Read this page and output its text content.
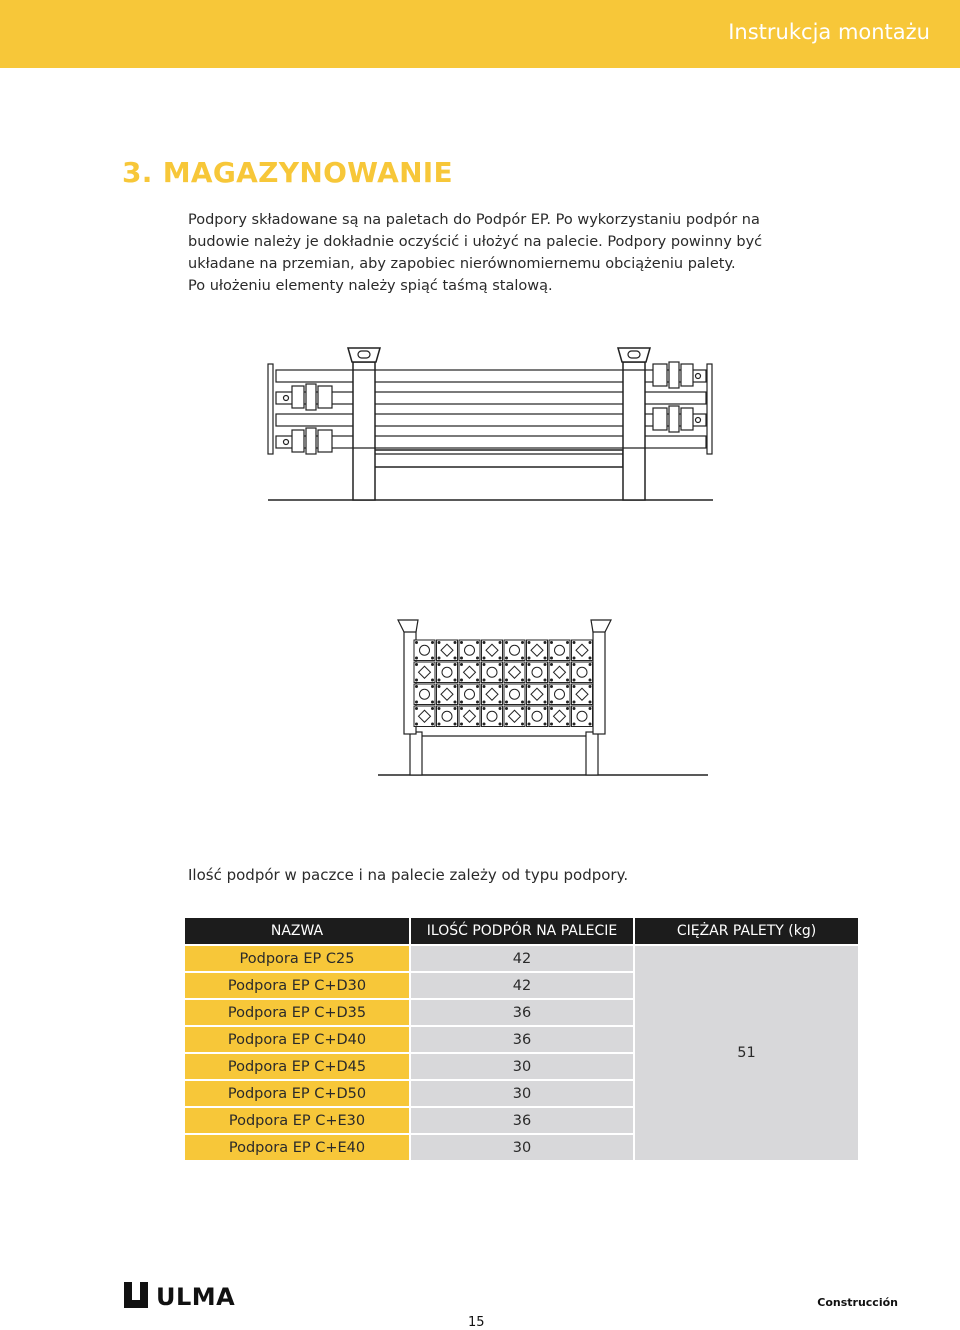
Instrukcja montażu
3. MAGAZYNOWANIE

Podpory składowane są na paletach do Podpór EP. Po wykorzystaniu podpór na

budowie należy je dokładnie oczyścić i ułożyć na palecie. Podpory powinny być

układane na przemian, aby zapobiec nierównomiernemu obciążeniu palety.

Po ułożeniu elementy należy spiąć taśmą stalową.

Ilość podpór w paczce i na palecie zależy od typu podpory.
NAZWA	ILOŚĆ PODPÓR NA PALECIE	CIĘŻAR PALETY (kg)
Podpora EP C25	42	51
Podpora EP C+D30	42	
Podpora EP C+D35	36	
Podpora EP C+D40	36	
Podpora EP C+D45	30	
Podpora EP C+D50	30	
Podpora EP C+E30	36	
Podpora EP C+E40	30	
ULMA	Construcción
15
